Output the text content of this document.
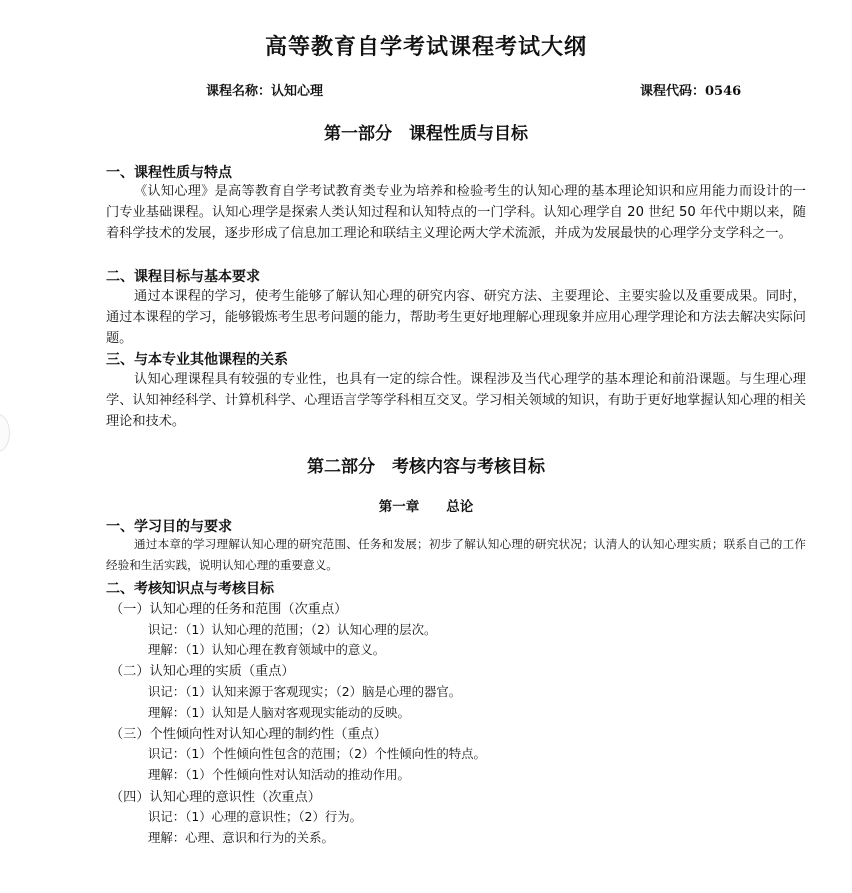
高等教育自学考试课程考试大纲
课程名称：认知心理	课程代码：0546
第一部分　课程性质与目标
一、课程性质与特点
《认知心理》是高等教育自学考试教育类专业为培养和检验考生的认知心理的基本理论知识和应用能力而设计的一门专业基础课程。认知心理学是探索人类认知过程和认知特点的一门学科。认知心理学自 20 世纪 50 年代中期以来，随着科学技术的发展，逐步形成了信息加工理论和联结主义理论两大学术流派，并成为发展最快的心理学分支学科之一。
二、课程目标与基本要求
通过本课程的学习，使考生能够了解认知心理的研究内容、研究方法、主要理论、主要实验以及重要成果。同时，通过本课程的学习，能够锻炼考生思考问题的能力，帮助考生更好地理解心理现象并应用心理学理论和方法去解决实际问题。
三、与本专业其他课程的关系
认知心理课程具有较强的专业性，也具有一定的综合性。课程涉及当代心理学的基本理论和前沿课题。与生理心理学、认知神经科学、计算机科学、心理语言学等学科相互交叉。学习相关领域的知识，有助于更好地掌握认知心理的相关理论和技术。
第二部分　考核内容与考核目标
第一章　　总论
一、学习目的与要求
通过本章的学习理解认知心理的研究范围、任务和发展；初步了解认知心理的研究状况；认清人的认知心理实质；联系自己的工作经验和生活实践，说明认知心理的重要意义。
二、考核知识点与考核目标
（一）认知心理的任务和范围（次重点）
识记：（1）认知心理的范围；（2）认知心理的层次。
理解：（1）认知心理在教育领域中的意义。
（二）认知心理的实质（重点）
识记：（1）认知来源于客观现实；（2）脑是心理的器官。
理解：（1）认知是人脑对客观现实能动的反映。
（三）个性倾向性对认知心理的制约性（重点）
识记：（1）个性倾向性包含的范围；（2）个性倾向性的特点。
理解：（1）个性倾向性对认知活动的推动作用。
（四）认知心理的意识性（次重点）
识记：（1）心理的意识性；（2）行为。
理解：心理、意识和行为的关系。
